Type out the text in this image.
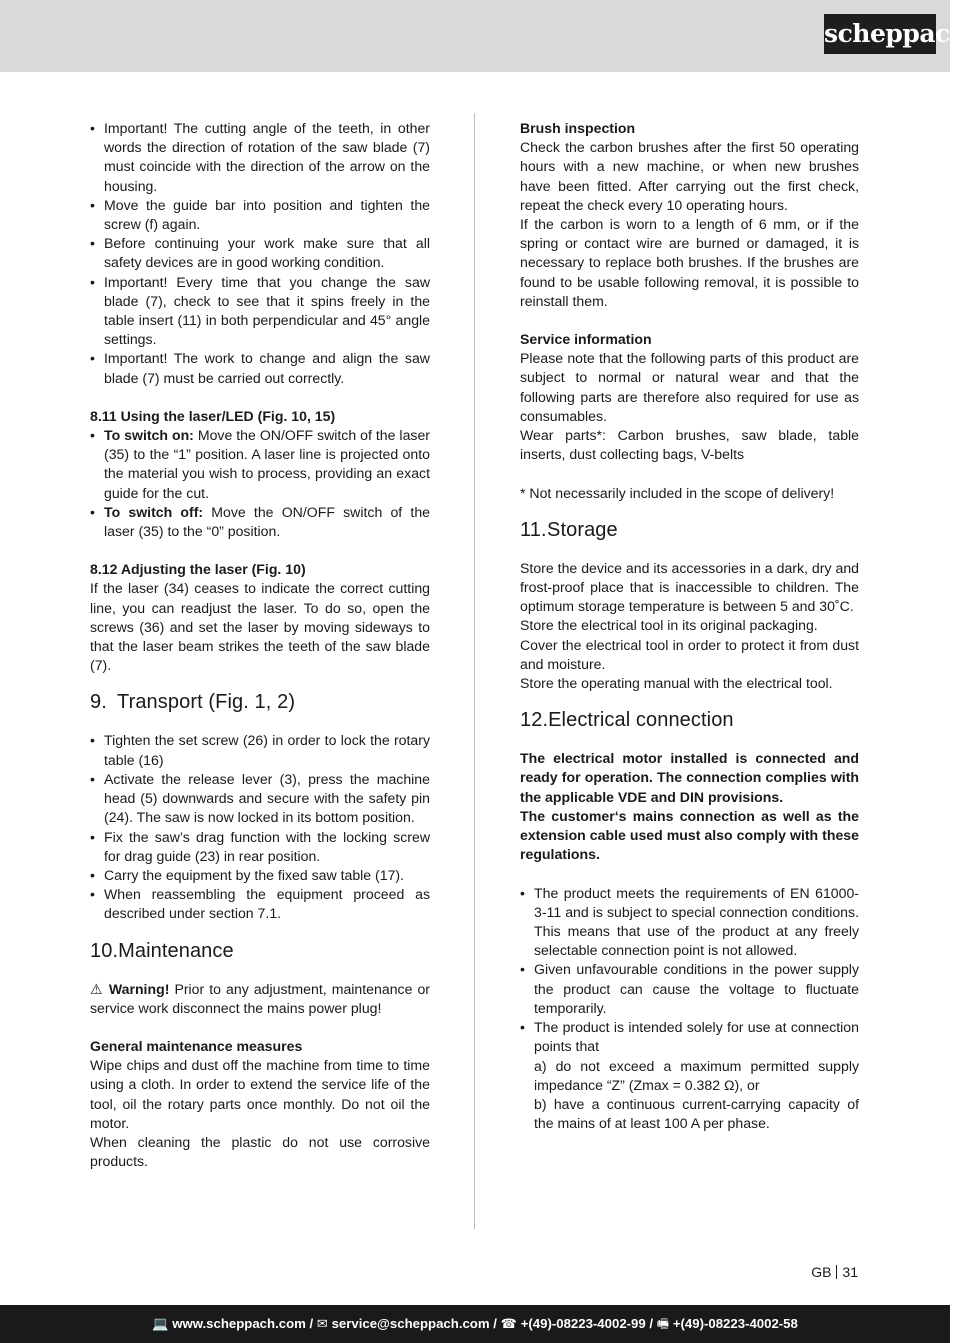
scheppach
• Important! The cutting angle of the teeth, in other words the direction of rotation of the saw blade (7) must coincide with the direction of the arrow on the housing.
• Move the guide bar into position and tighten the screw (f) again.
• Before continuing your work make sure that all safety devices are in good working condition.
• Important! Every time that you change the saw blade (7), check to see that it spins freely in the table insert (11) in both perpendicular and 45° angle settings.
• Important! The work to change and align the saw blade (7) must be carried out correctly.

8.11 Using the laser/LED (Fig. 10, 15)

• To switch on: Move the ON/OFF switch of the laser (35) to the “1” position. A laser line is projected onto the material you wish to process, providing an exact guide for the cut.
• To switch off: Move the ON/OFF switch of the laser (35) to the “0” position.

8.12 Adjusting the laser (Fig. 10)

If the laser (34) ceases to indicate the correct cutting line, you can readjust the laser. To do so, open the screws (36) and set the laser by moving sideways to that the laser beam strikes the teeth of the saw blade (7).

9. Transport (Fig. 1, 2)
• Tighten the set screw (26) in order to lock the rotary table (16)
• Activate the release lever (3), press the machine head (5) downwards and secure with the safety pin (24). The saw is now locked in its bottom position.
• Fix the saw’s drag function with the locking screw for drag guide (23) in rear position.
• Carry the equipment by the fixed saw table (17).
• When reassembling the equipment proceed as described under section 7.1.
10.Maintenance

⚠ Warning! Prior to any adjustment, maintenance or service work disconnect the mains power plug!

General maintenance measures

Wipe chips and dust off the machine from time to time using a cloth. In order to extend the service life of the tool, oil the rotary parts once monthly. Do not oil the motor.

When cleaning the plastic do not use corrosive products.

Brush inspection

Check the carbon brushes after the first 50 operating hours with a new machine, or when new brushes have been fitted. After carrying out the first check, repeat the check every 10 operating hours.

If the carbon is worn to a length of 6 mm, or if the spring or contact wire are burned or damaged, it is necessary to replace both brushes. If the brushes are found to be usable following removal, it is possible to reinstall them.

Service information

Please note that the following parts of this product are subject to normal or natural wear and that the following parts are therefore also required for use as consumables.

Wear parts*: Carbon brushes, saw blade, table inserts, dust collecting bags, V-belts

* Not necessarily included in the scope of delivery!

11.Storage

Store the device and its accessories in a dark, dry and frost-proof place that is inaccessible to children. The optimum storage temperature is between 5 and 30˚C.

Store the electrical tool in its original packaging.

Cover the electrical tool in order to protect it from dust and moisture.

Store the operating manual with the electrical tool.

12.Electrical connection

The electrical motor installed is connected and ready for operation. The connection complies with the applicable VDE and DIN provisions.

The customer‘s mains connection as well as the extension cable used must also comply with these regulations.

• The product meets the requirements of EN 61000-3-11 and is subject to special connection conditions. This means that use of the product at any freely selectable connection point is not allowed.
• Given unfavourable conditions in the power supply the product can cause the voltage to fluctuate temporarily.
• The product is intended solely for use at connection points that
a) do not exceed a maximum permitted supply impedance “Z” (Zmax = 0.382 Ω), or
b) have a continuous current-carrying capacity of the mains of at least 100 A per phase.
GB 31
💻 www.scheppach.com / ✉ service@scheppach.com / ☎ +(49)-08223-4002-99 / 🖷 +(49)-08223-4002-58
